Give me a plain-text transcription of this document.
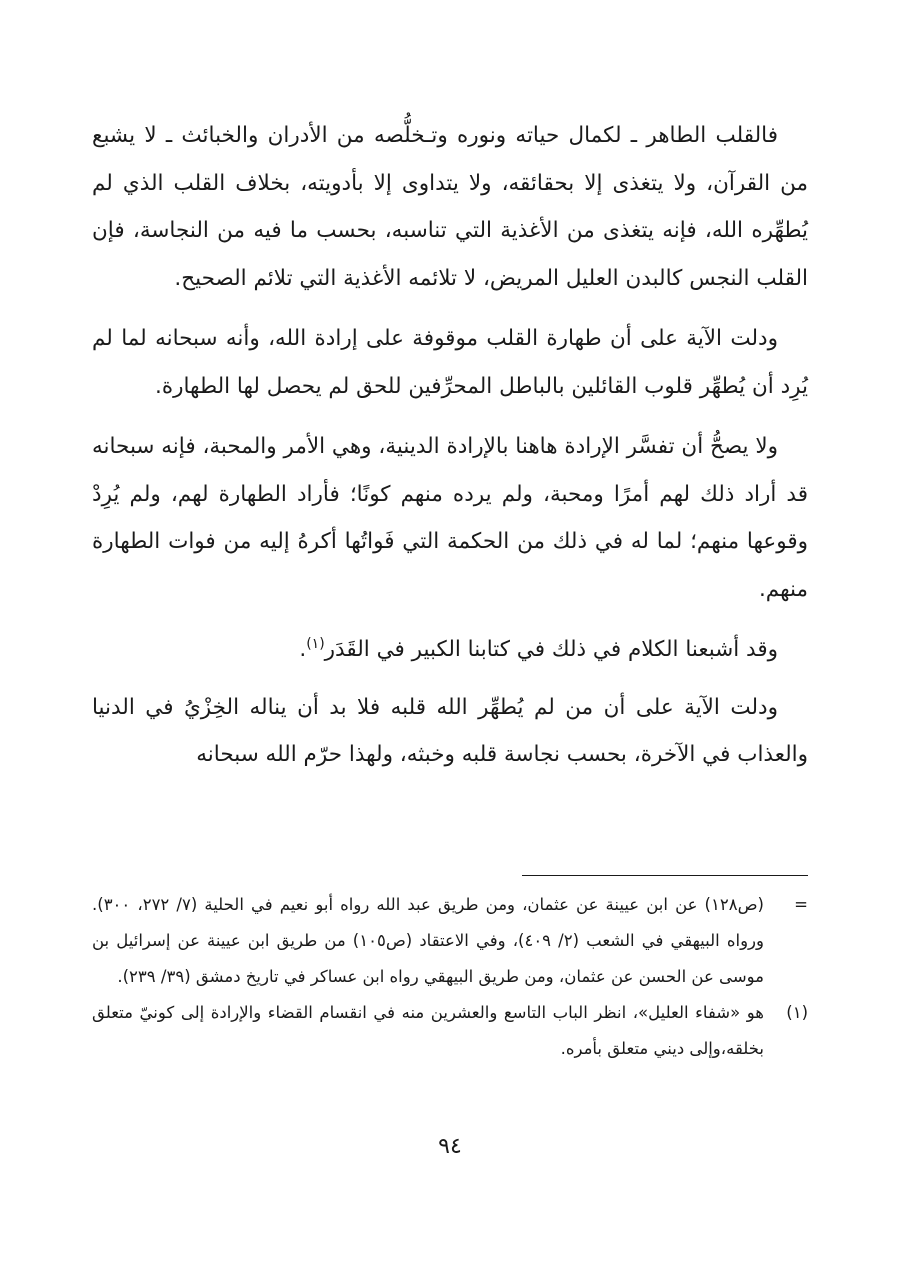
فالقلب الطاهر ـ لكمال حياته ونوره وتـخلُّصه من الأدران والخبائث ـ لا يشبع من القرآن، ولا يتغذى إلا بحقائقه، ولا يتداوى إلا بأدويته، بخلاف القلب الذي لم يُطهِّره الله، فإنه يتغذى من الأغذية التي تناسبه، بحسب ما فيه من النجاسة، فإن القلب النجس كالبدن العليل المريض، لا تلائمه الأغذية التي تلائم الصحيح.

ودلت الآية على أن طهارة القلب موقوفة على إرادة الله، وأنه سبحانه لما لم يُرِد أن يُطهِّر قلوب القائلين بالباطل المحرِّفين للحق لم يحصل لها الطهارة.

ولا يصحُّ أن تفسَّر الإرادة هاهنا بالإرادة الدينية، وهي الأمر والمحبة، فإنه سبحانه قد أراد ذلك لهم أمرًا ومحبة، ولم يرده منهم كونًا؛ فأراد الطهارة لهم، ولم يُرِدْ وقوعها منهم؛ لما له في ذلك من الحكمة التي فَواتُها أكرهُ إليه من فوات الطهارة منهم.

وقد أشبعنا الكلام في ذلك في كتابنا الكبير في القَدَر$^{(١)}$.

ودلت الآية على أن من لم يُطهِّر الله قلبه فلا بد أن يناله الخِزْيُ في الدنيا والعذاب في الآخرة، بحسب نجاسة قلبه وخبثه، ولهذا حرّم الله سبحانه

=
(ص١٢٨) عن ابن عيينة عن عثمان، ومن طريق عبد الله رواه أبو نعيم في الحلية (٧/ ٢٧٢، ٣٠٠). ورواه البيهقي في الشعب (٢/ ٤٠٩)، وفي الاعتقاد (ص١٠٥) من طريق ابن عيينة عن إسرائيل بن موسى عن الحسن عن عثمان، ومن طريق البيهقي رواه ابن عساكر في تاريخ دمشق (٣٩/ ٢٣٩).
(١)
هو «شفاء العليل»، انظر الباب التاسع والعشرين منه في انقسام القضاء والإرادة إلى كونيّ متعلق بخلقه،وإلى ديني متعلق بأمره.
٩٤
